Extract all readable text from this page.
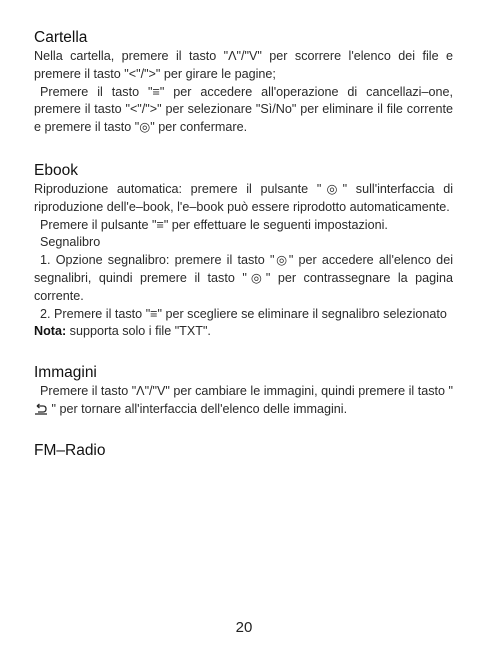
Cartella

Nella cartella, premere il tasto "Λ"/"V" per scorrere l'elenco dei file e premere il tasto "<"/">" per girare le pagine;

Premere il tasto "≡" per accedere all'operazione di cancellazi–one, premere il tasto "<"/">" per selezionare "Sì/No" per eliminare il file corrente e premere il tasto "◎" per confermare.

Ebook

Riproduzione automatica: premere il pulsante "◎" sull'interfaccia di riproduzione dell'e–book, l'e–book può essere riprodotto automaticamente.

Premere il pulsante "≡" per effettuare le seguenti impostazioni.

Segnalibro

1. Opzione segnalibro: premere il tasto "◎" per accedere all'elenco dei segnalibri, quindi premere il tasto "◎" per contrassegnare la pagina corrente.

2. Premere il tasto "≡" per scegliere se eliminare il segnalibro selezionato

Nota: supporta solo i file "TXT".

Immagini

Premere il tasto "Λ"/"V" per cambiare le immagini, quindi premere il tasto "  " per tornare all'interfaccia dell'elenco delle immagini.

FM–Radio
20
